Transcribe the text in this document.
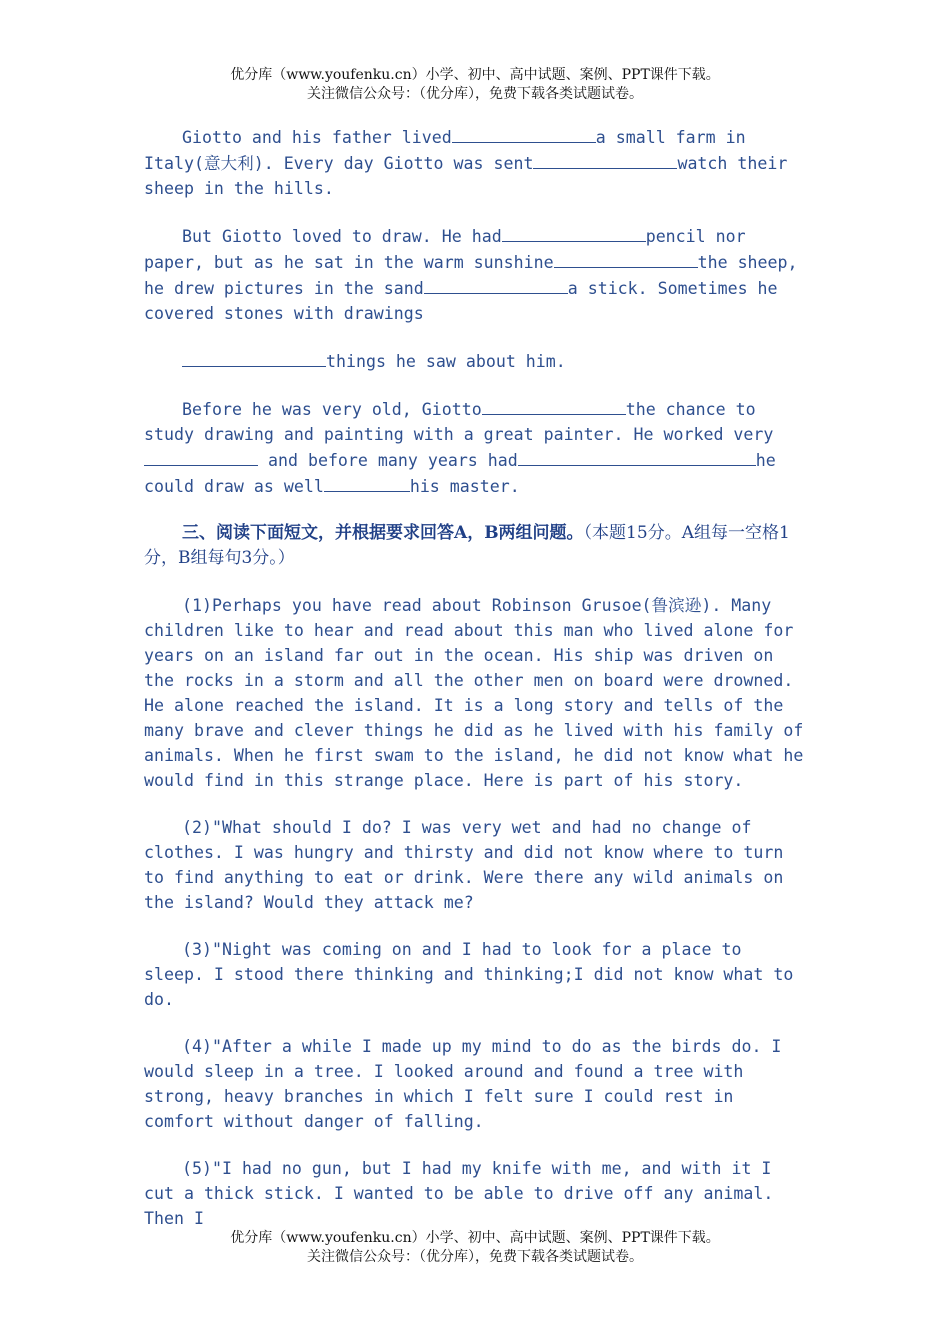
优分库（www.youfenku.cn）小学、初中、高中试题、案例、PPT课件下载。
关注微信公众号：（优分库），免费下载各类试题试卷。

Giotto and his father lived	a small farm in Italy(意大利). Every day Giotto was sent	watch their sheep in the hills.

But Giotto loved to draw. He had	pencil nor paper, but as he sat in the warm sunshine	the sheep, he drew pictures in the sand	a stick. Sometimes he covered stones with drawings

things he saw about him.

Before he was very old, Giotto	the chance to study drawing and painting with a great painter. He worked very and before many years had	he could draw as well	his master.

三、阅读下面短文，并根据要求回答A，B两组问题。（本题15分。A组每一空格1分，B组每句3分。）

(1)Perhaps you have read about Robinson Grusoe(鲁滨逊). Many children like to hear and read about this man who lived alone for years on an island far out in the ocean. His ship was driven on the rocks in a storm and all the other men on board were drowned. He alone reached the island. It is a long story and tells of the many brave and clever things he did as he lived with his family of animals. When he first swam to the island, he did not know what he would find in this strange place. Here is part of his story.

(2)"What should I do? I was very wet and had no change of clothes. I was hungry and thirsty and did not know where to turn to find anything to eat or drink. Were there any wild animals on the island? Would they attack me?

(3)"Night was coming on and I had to look for a place to sleep. I stood there thinking and thinking;I did not know what to do.

(4)"After a while I made up my mind to do as the birds do. I would sleep in a tree. I looked around and found a tree with strong, heavy branches in which I felt sure I could rest in comfort without danger of falling.

(5)"I had no gun, but I had my knife with me, and with it I cut a thick stick. I wanted to be able to drive off any animal. Then I

优分库（www.youfenku.cn）小学、初中、高中试题、案例、PPT课件下载。
关注微信公众号：（优分库），免费下载各类试题试卷。
